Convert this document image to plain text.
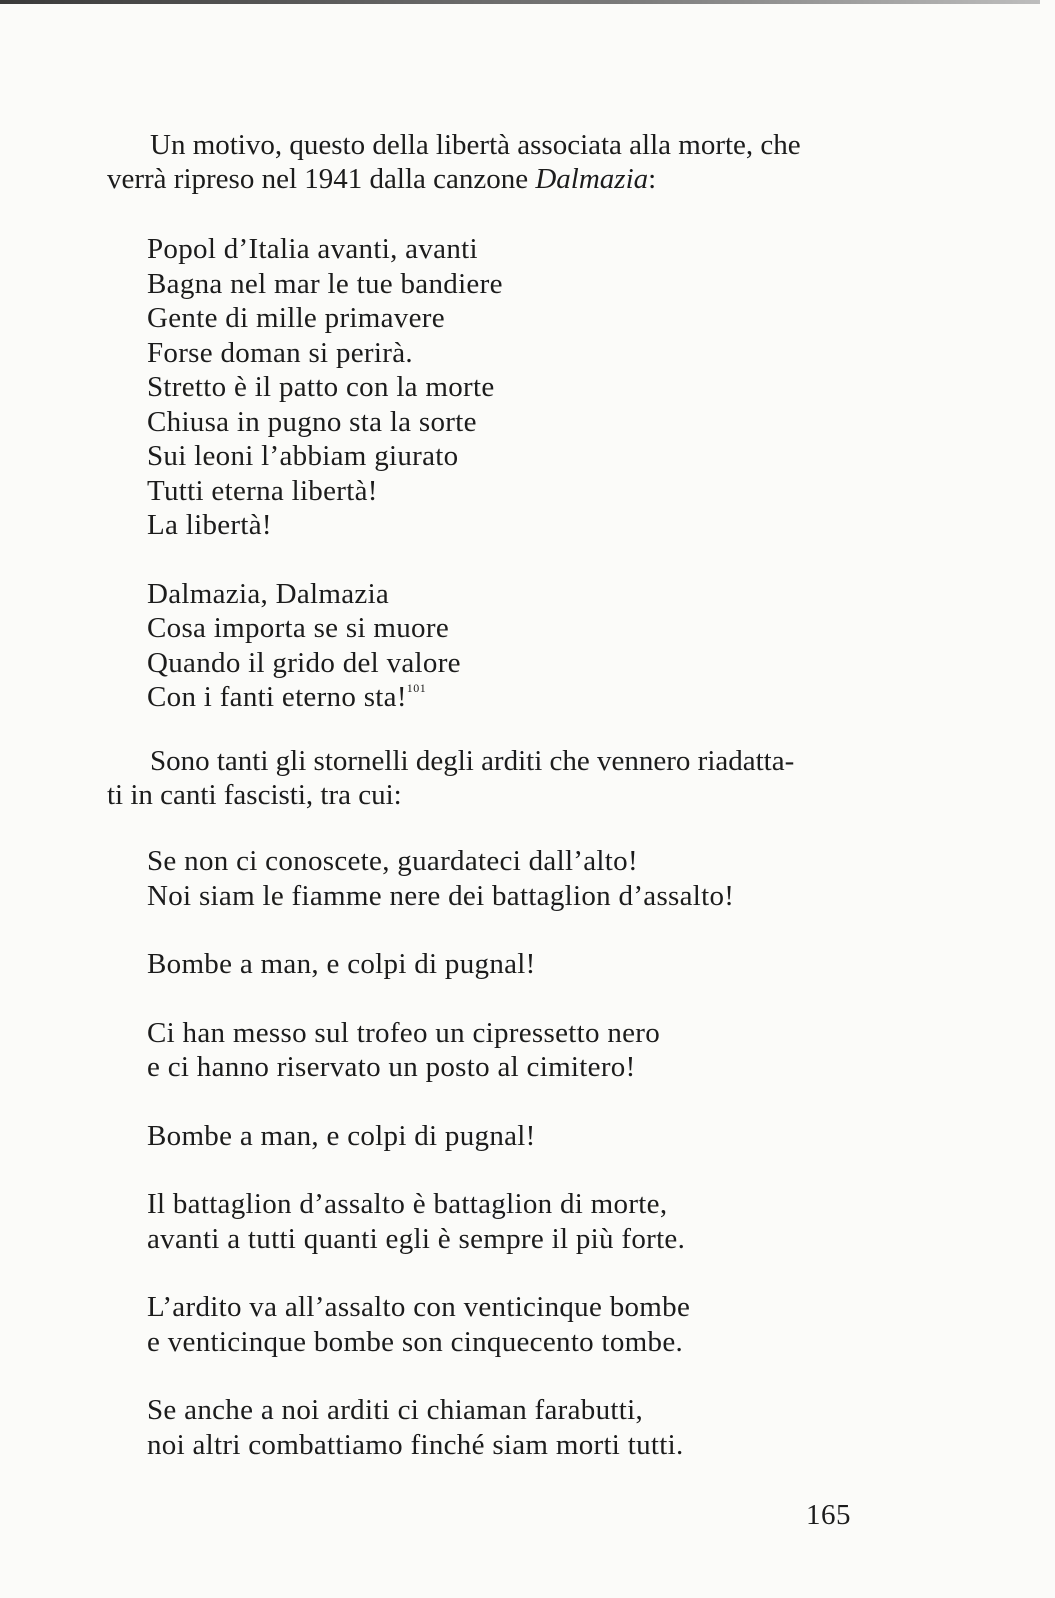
Un motivo, questo della libertà associata alla morte, che
verrà ripreso nel 1941 dalla canzone Dalmazia:

Popol d’Italia avanti, avanti
Bagna nel mar le tue bandiere
Gente di mille primavere
Forse doman si perirà.
Stretto è il patto con la morte
Chiusa in pugno sta la sorte
Sui leoni l’abbiam giurato
Tutti eterna libertà!
La libertà!
Dalmazia, Dalmazia
Cosa importa se si muore
Quando il grido del valore
Con i fanti eterno sta!$^{101}$

Sono tanti gli stornelli degli arditi che vennero riadatta-
ti in canti fascisti, tra cui:

Se non ci conoscete, guardateci dall’alto!
Noi siam le fiamme nere dei battaglion d’assalto!
Bombe a man, e colpi di pugnal!
Ci han messo sul trofeo un cipressetto nero
e ci hanno riservato un posto al cimitero!
Bombe a man, e colpi di pugnal!
Il battaglion d’assalto è battaglion di morte,
avanti a tutti quanti egli è sempre il più forte.
L’ardito va all’assalto con venticinque bombe
e venticinque bombe son cinquecento tombe.
Se anche a noi arditi ci chiaman farabutti,
noi altri combattiamo finché siam morti tutti.
165
